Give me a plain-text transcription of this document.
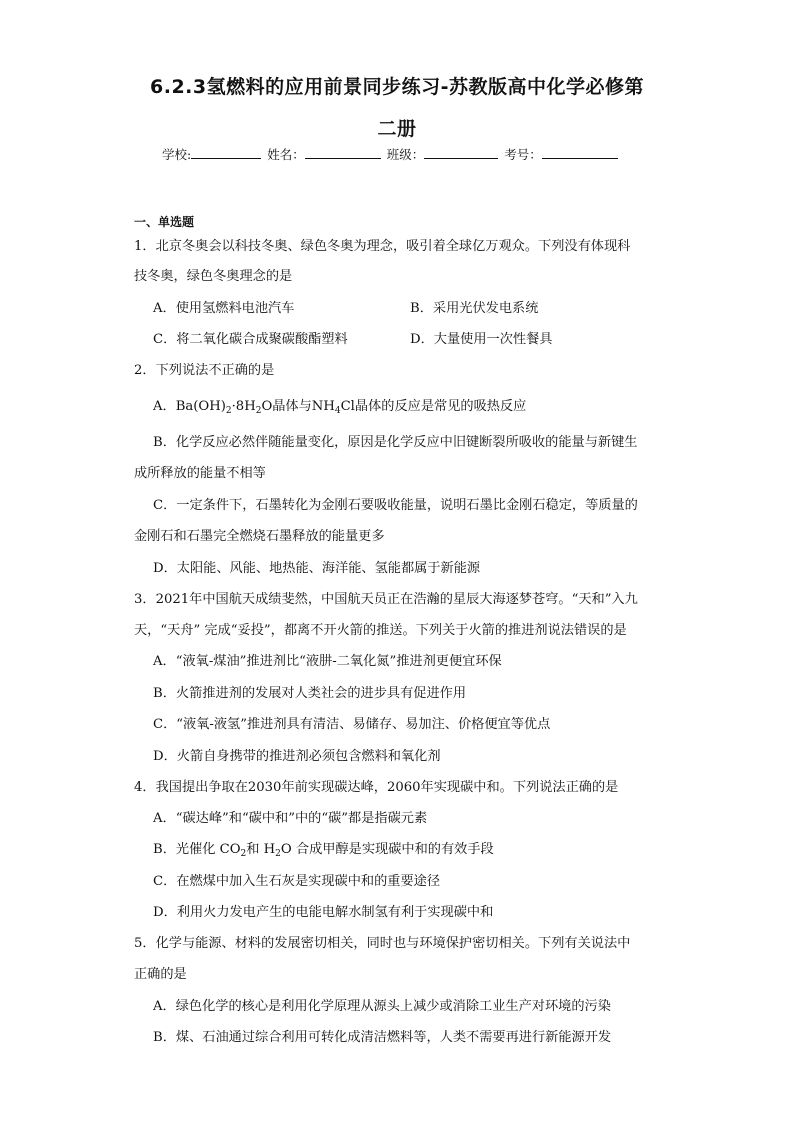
6.2.3氢燃料的应用前景同步练习-苏教版高中化学必修第
二册
学校:	姓名：	班级：	考号：
一、单选题
1．北京冬奥会以科技冬奥、绿色冬奥为理念，吸引着全球亿万观众。下列没有体现科
技冬奥，绿色冬奥理念的是
A．使用氢燃料电池汽车	B．采用光伏发电系统
C．将二氧化碳合成聚碳酸酯塑料	D．大量使用一次性餐具
2．下列说法不正确的是
A．$Ba(OH)_2\cdot 8H_2O$晶体与$NH_4Cl$晶体的反应是常见的吸热反应
B．化学反应必然伴随能量变化，原因是化学反应中旧键断裂所吸收的能量与新键生
成所释放的能量不相等
C．一定条件下，石墨转化为金刚石要吸收能量，说明石墨比金刚石稳定，等质量的
金刚石和石墨完全燃烧石墨释放的能量更多
D．太阳能、风能、地热能、海洋能、氢能都属于新能源
3．2021年中国航天成绩斐然，中国航天员正在浩瀚的星辰大海逐梦苍穹。“天和”入九
天，“天舟” 完成“妥投”，都离不开火箭的推送。下列关于火箭的推进剂说法错误的是
A．“液氧-煤油”推进剂比“液肼-二氧化氮”推进剂更便宜环保
B．火箭推进剂的发展对人类社会的进步具有促进作用
C．“液氧-液氢”推进剂具有清洁、易储存、易加注、价格便宜等优点
D．火箭自身携带的推进剂必须包含燃料和氧化剂
4．我国提出争取在2030年前实现碳达峰，2060年实现碳中和。下列说法正确的是
A．“碳达峰”和“碳中和”中的“碳”都是指碳元素
B．光催化 $CO_2$和 $H_2O$ 合成甲醇是实现碳中和的有效手段
C．在燃煤中加入生石灰是实现碳中和的重要途径
D．利用火力发电产生的电能电解水制氢有利于实现碳中和
5．化学与能源、材料的发展密切相关，同时也与环境保护密切相关。下列有关说法中
正确的是
A．绿色化学的核心是利用化学原理从源头上减少或消除工业生产对环境的污染
B．煤、石油通过综合利用可转化成清洁燃料等，人类不需要再进行新能源开发
